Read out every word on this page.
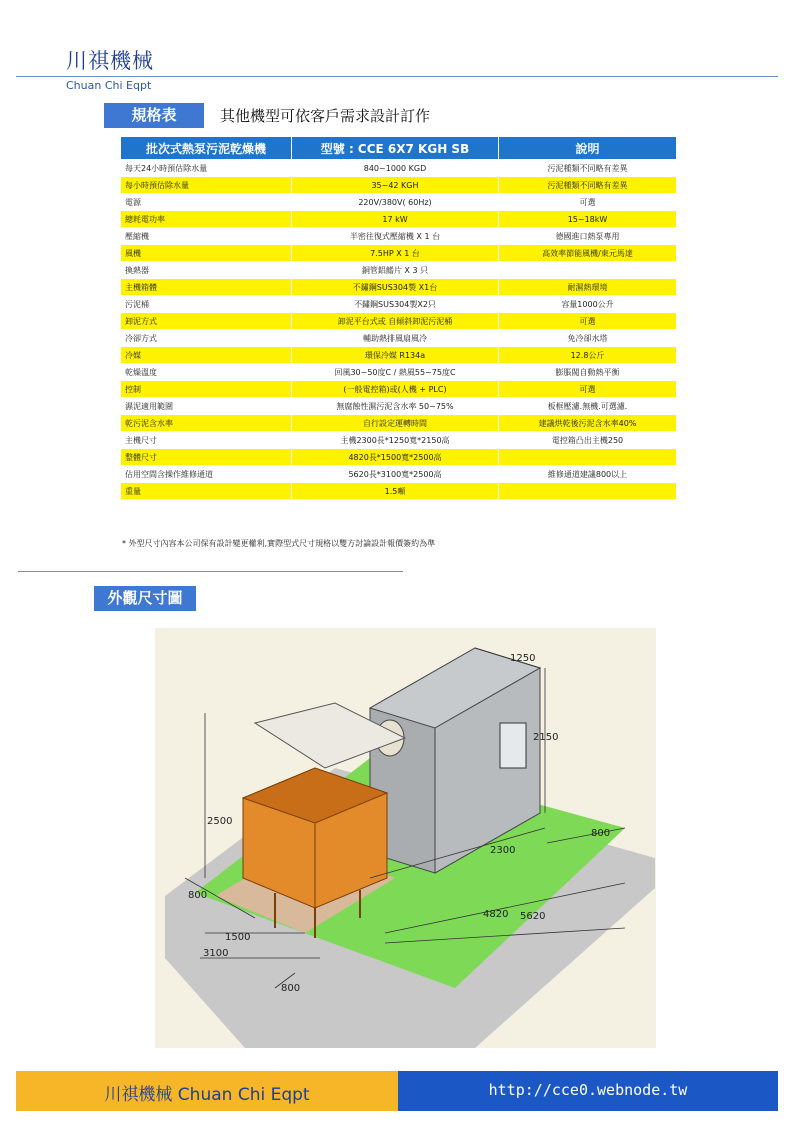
川祺機械
Chuan Chi Eqpt
規格表	其他機型可依客戶需求設計訂作
批次式熱泵污泥乾燥機	型號 : CCE 6X7 KGH SB	說明
每天24小時預估除水量	840~1000 KGD	污泥種類不同略有差異
每小時預估除水量	35~42 KGH	污泥種類不同略有差異
電源	220V/380V( 60Hz)	可選
總耗電功率	17 kW	15~18kW
壓縮機	半密往復式壓縮機 X 1 台	德國進口熱泵專用
風機	7.5HP X 1 台	高效率節能風機/東元馬達
換熱器	銅管鋁鰭片 X 3 只	
主機箱體	不鏽鋼SUS304製 X1台	耐濕熱環境
污泥桶	不鏽鋼SUS304製X2只	容量1000公升
卸泥方式	卸泥平台式或 自傾斜卸泥污泥桶	可選
冷卻方式	輔助熱排風扇風冷	免冷卻水塔
冷媒	環保冷媒 R134a	12.8公斤
乾燥溫度	回風30~50度C / 熱風55~75度C	膨脹閥自動熱平衡
控制	(一般電控箱)或(人機 + PLC)	可選
濕泥適用範圍	無腐蝕性濕污泥含水率 50~75%	板框壓濾.無機.可選濾.
乾污泥含水率	自行設定運轉時間	建議烘乾後污泥含水率40%
主機尺寸	主機2300長*1250寬*2150高	電控箱凸出主機250
整體尺寸	4820長*1500寬*2500高	
佔用空間含操作維修通道	5620長*3100寬*2500高	維修通道建議800以上
重量	1.5噸	
* 外型尺寸內容本公司保有設計變更權利,實際型式尺寸規格以雙方討論設計報價簽約為準
外觀尺寸圖
1250
2150
800
2300
2500
800
1500
3100
800
4820 5620
川祺機械 Chuan Chi Eqpt	http://cce0.webnode.tw
